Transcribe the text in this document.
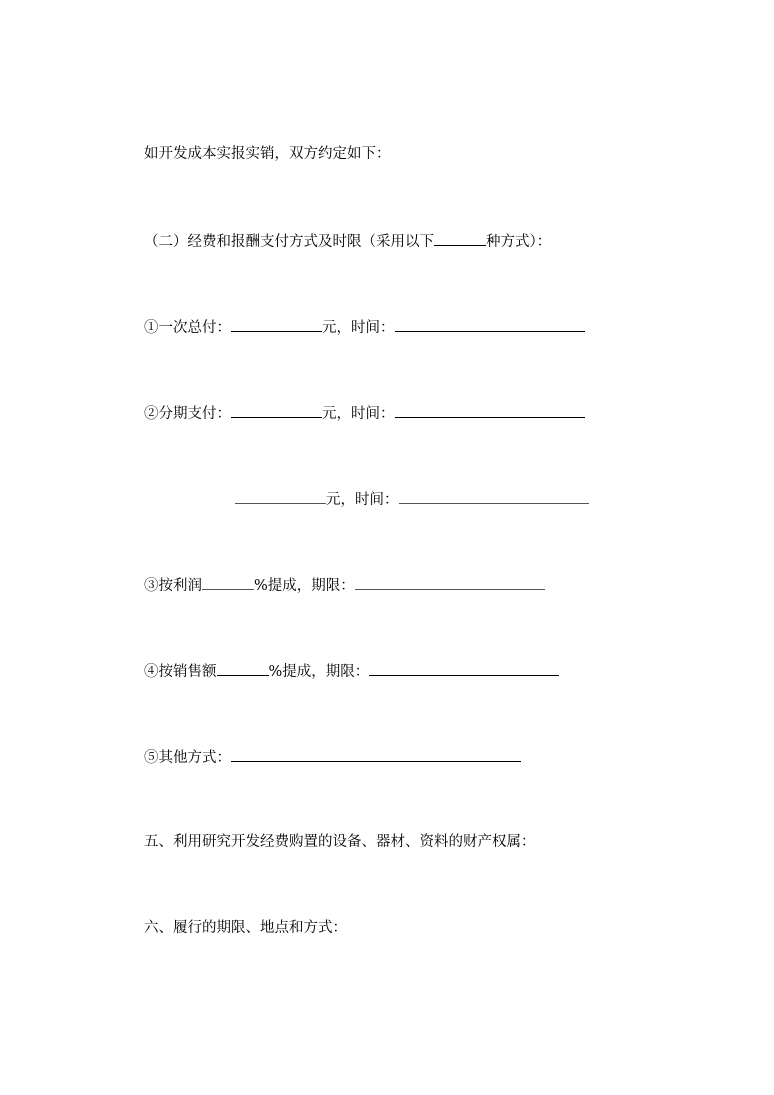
如开发成本实报实销，双方约定如下：
（二）经费和报酬支付方式及时限（采用以下	种方式）：
①一次总付：	元，时间：
②分期支付：	元，时间：
元，时间：
③按利润	%提成，期限：
④按销售额	%提成，期限：
⑤其他方式：
五、利用研究开发经费购置的设备、器材、资料的财产权属：
六、履行的期限、地点和方式：
